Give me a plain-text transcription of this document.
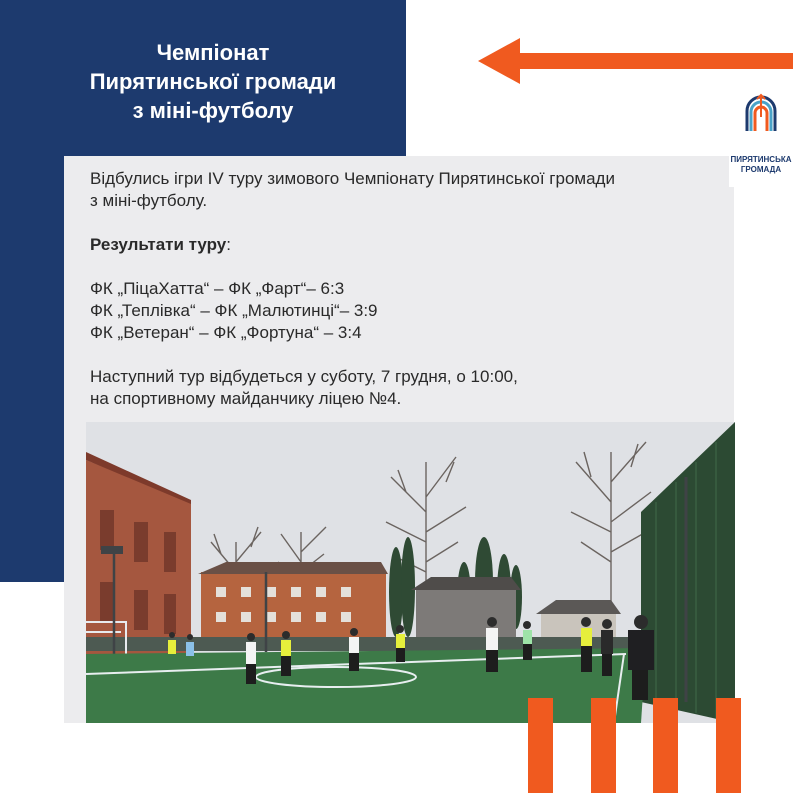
Чемпіонат
Пирятинської громади
з міні-футболу
ПИРЯТИНСЬКА
ГРОМАДА

Відбулись ігри IV туру зимового Чемпіонату Пирятинської громади

з міні-футболу.

Результати туру:

ФК „ПіцаХатта“ – ФК „Фарт“– 6:3

ФК „Теплівка“ – ФК „Малютинці“– 3:9

ФК „Ветеран“ – ФК „Фортуна“ – 3:4

Наступний тур відбудеться у суботу, 7 грудня, о 10:00,

на спортивному майданчику ліцею №4.
